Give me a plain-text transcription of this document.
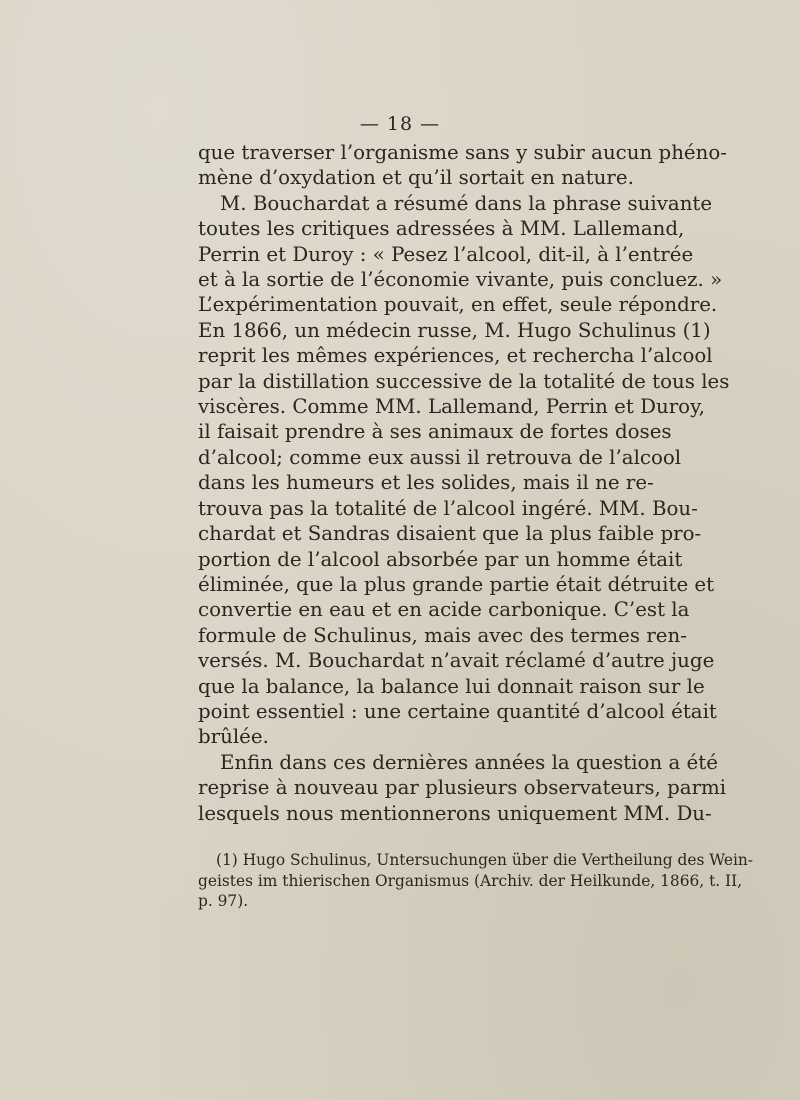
— 18 —
que traverser l’organisme sans y subir aucun phéno-
mène d’oxydation et qu’il sortait en nature.
M. Bouchardat a résumé dans la phrase suivante
toutes les critiques adressées à MM. Lallemand,
Perrin et Duroy : « Pesez l’alcool, dit-il, à l’entrée
et à la sortie de l’économie vivante, puis concluez. »
L’expérimentation pouvait, en effet, seule répondre.
En 1866, un médecin russe, M. Hugo Schulinus (1)
reprit les mêmes expériences, et rechercha l’alcool
par la distillation successive de la totalité de tous les
viscères. Comme MM. Lallemand, Perrin et Duroy,
il faisait prendre à ses animaux de fortes doses
d’alcool; comme eux aussi il retrouva de l’alcool
dans les humeurs et les solides, mais il ne re-
trouva pas la totalité de l’alcool ingéré. MM. Bou-
chardat et Sandras disaient que la plus faible pro-
portion de l’alcool absorbée par un homme était
éliminée, que la plus grande partie était détruite et
convertie en eau et en acide carbonique. C’est la
formule de Schulinus, mais avec des termes ren-
versés. M. Bouchardat n’avait réclamé d’autre juge
que la balance, la balance lui donnait raison sur le
point essentiel : une certaine quantité d’alcool était
brûlée.
Enfin dans ces dernières années la question a été
reprise à nouveau par plusieurs observateurs, parmi
lesquels nous mentionnerons uniquement MM. Du-
(1) Hugo Schulinus, Untersuchungen über die Vertheilung des Wein-
geistes im thierischen Organismus (Archiv. der Heilkunde, 1866, t. II,
p. 97).
